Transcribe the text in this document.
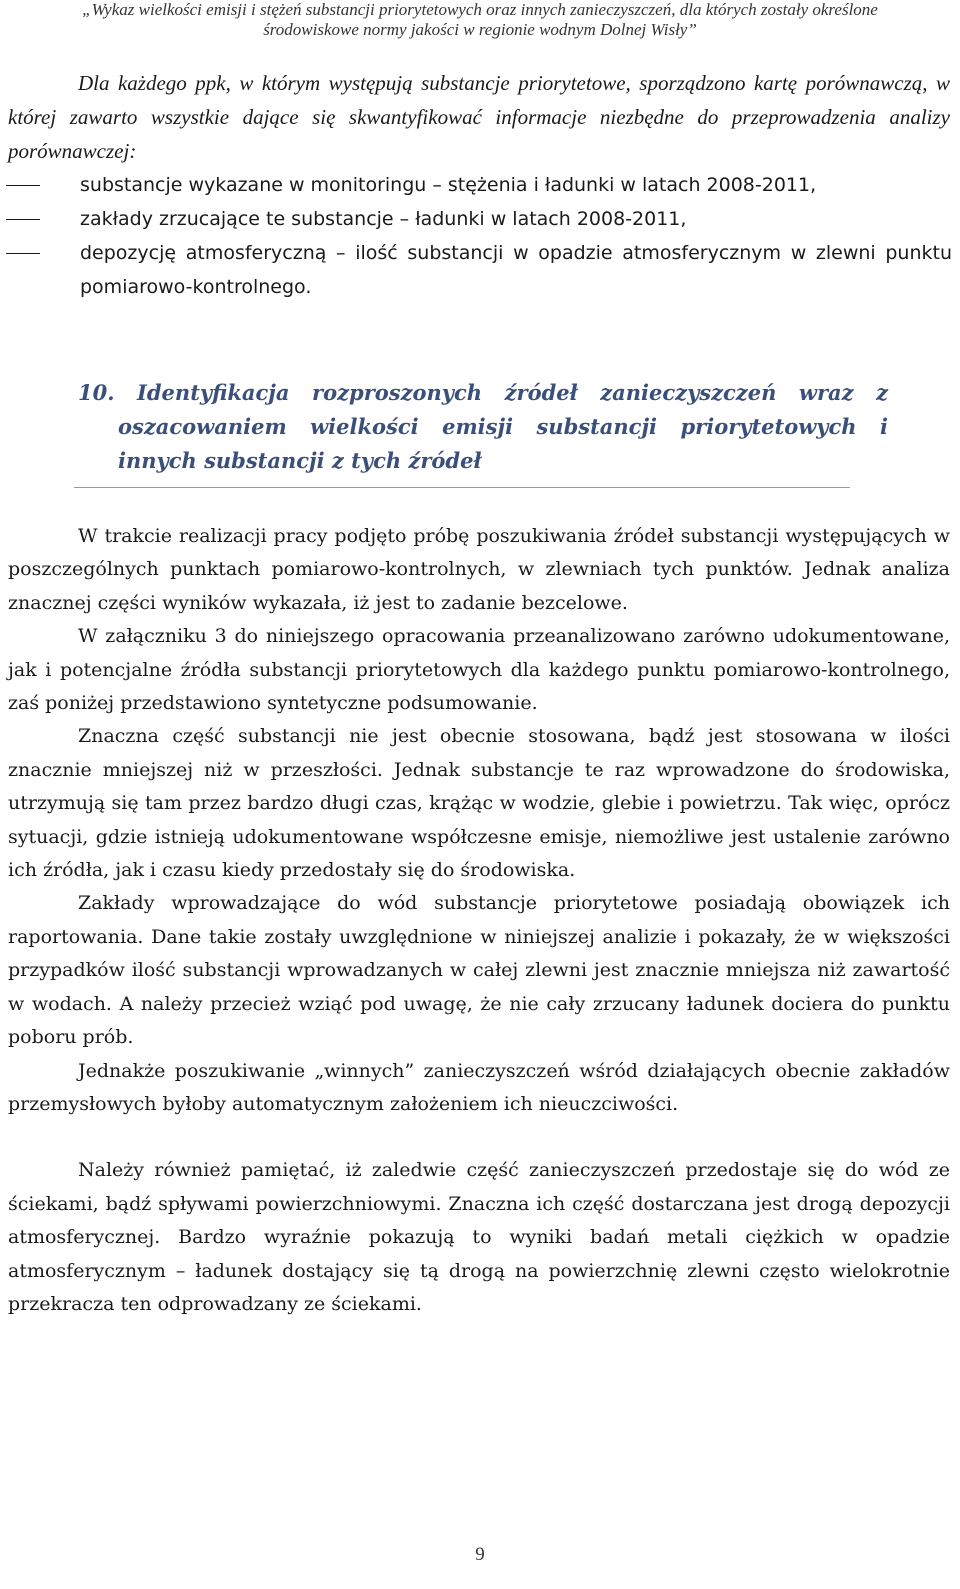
„Wykaz wielkości emisji i stężeń substancji priorytetowych oraz innych zanieczyszczeń, dla których zostały określone
środowiskowe normy jakości w regionie wodnym Dolnej Wisły”

Dla każdego ppk, w którym występują substancje priorytetowe, sporządzono kartę porównawczą, w której zawarto wszystkie dające się skwantyfikować informacje niezbędne do przeprowadzenia analizy porównawczej:

substancje wykazane w monitoringu – stężenia i ładunki w latach 2008-2011,
zakłady zrzucające te substancje – ładunki w latach 2008-2011,
depozycję atmosferyczną – ilość substancji w opadzie atmosferycznym w zlewni punktu pomiarowo-kontrolnego.
10. Identyfikacja rozproszonych źródeł zanieczyszczeń wraz z oszacowaniem wielkości emisji substancji priorytetowych i innych substancji z tych źródeł

W trakcie realizacji pracy podjęto próbę poszukiwania źródeł substancji występujących w poszczególnych punktach pomiarowo-kontrolnych, w zlewniach tych punktów. Jednak analiza znacznej części wyników wykazała, iż jest to zadanie bezcelowe.

W załączniku 3 do niniejszego opracowania przeanalizowano zarówno udokumentowane, jak i potencjalne źródła substancji priorytetowych dla każdego punktu pomiarowo-kontrolnego, zaś poniżej przedstawiono syntetyczne podsumowanie.

Znaczna część substancji nie jest obecnie stosowana, bądź jest stosowana w ilości znacznie mniejszej niż w przeszłości. Jednak substancje te raz wprowadzone do środowiska, utrzymują się tam przez bardzo długi czas, krążąc w wodzie, glebie i powietrzu. Tak więc, oprócz sytuacji, gdzie istnieją udokumentowane współczesne emisje, niemożliwe jest ustalenie zarówno ich źródła, jak i czasu kiedy przedostały się do środowiska.

Zakłady wprowadzające do wód substancje priorytetowe posiadają obowiązek ich raportowania. Dane takie zostały uwzględnione w niniejszej analizie i pokazały, że w większości przypadków ilość substancji wprowadzanych w całej zlewni jest znacznie mniejsza niż zawartość w wodach. A należy przecież wziąć pod uwagę, że nie cały zrzucany ładunek dociera do punktu poboru prób.

Jednakże poszukiwanie „winnych” zanieczyszczeń wśród działających obecnie zakładów przemysłowych byłoby automatycznym założeniem ich nieuczciwości.

Należy również pamiętać, iż zaledwie część zanieczyszczeń przedostaje się do wód ze ściekami, bądź spływami powierzchniowymi. Znaczna ich część dostarczana jest drogą depozycji atmosferycznej. Bardzo wyraźnie pokazują to wyniki badań metali ciężkich w opadzie atmosferycznym – ładunek dostający się tą drogą na powierzchnię zlewni często wielokrotnie przekracza ten odprowadzany ze ściekami.

9
